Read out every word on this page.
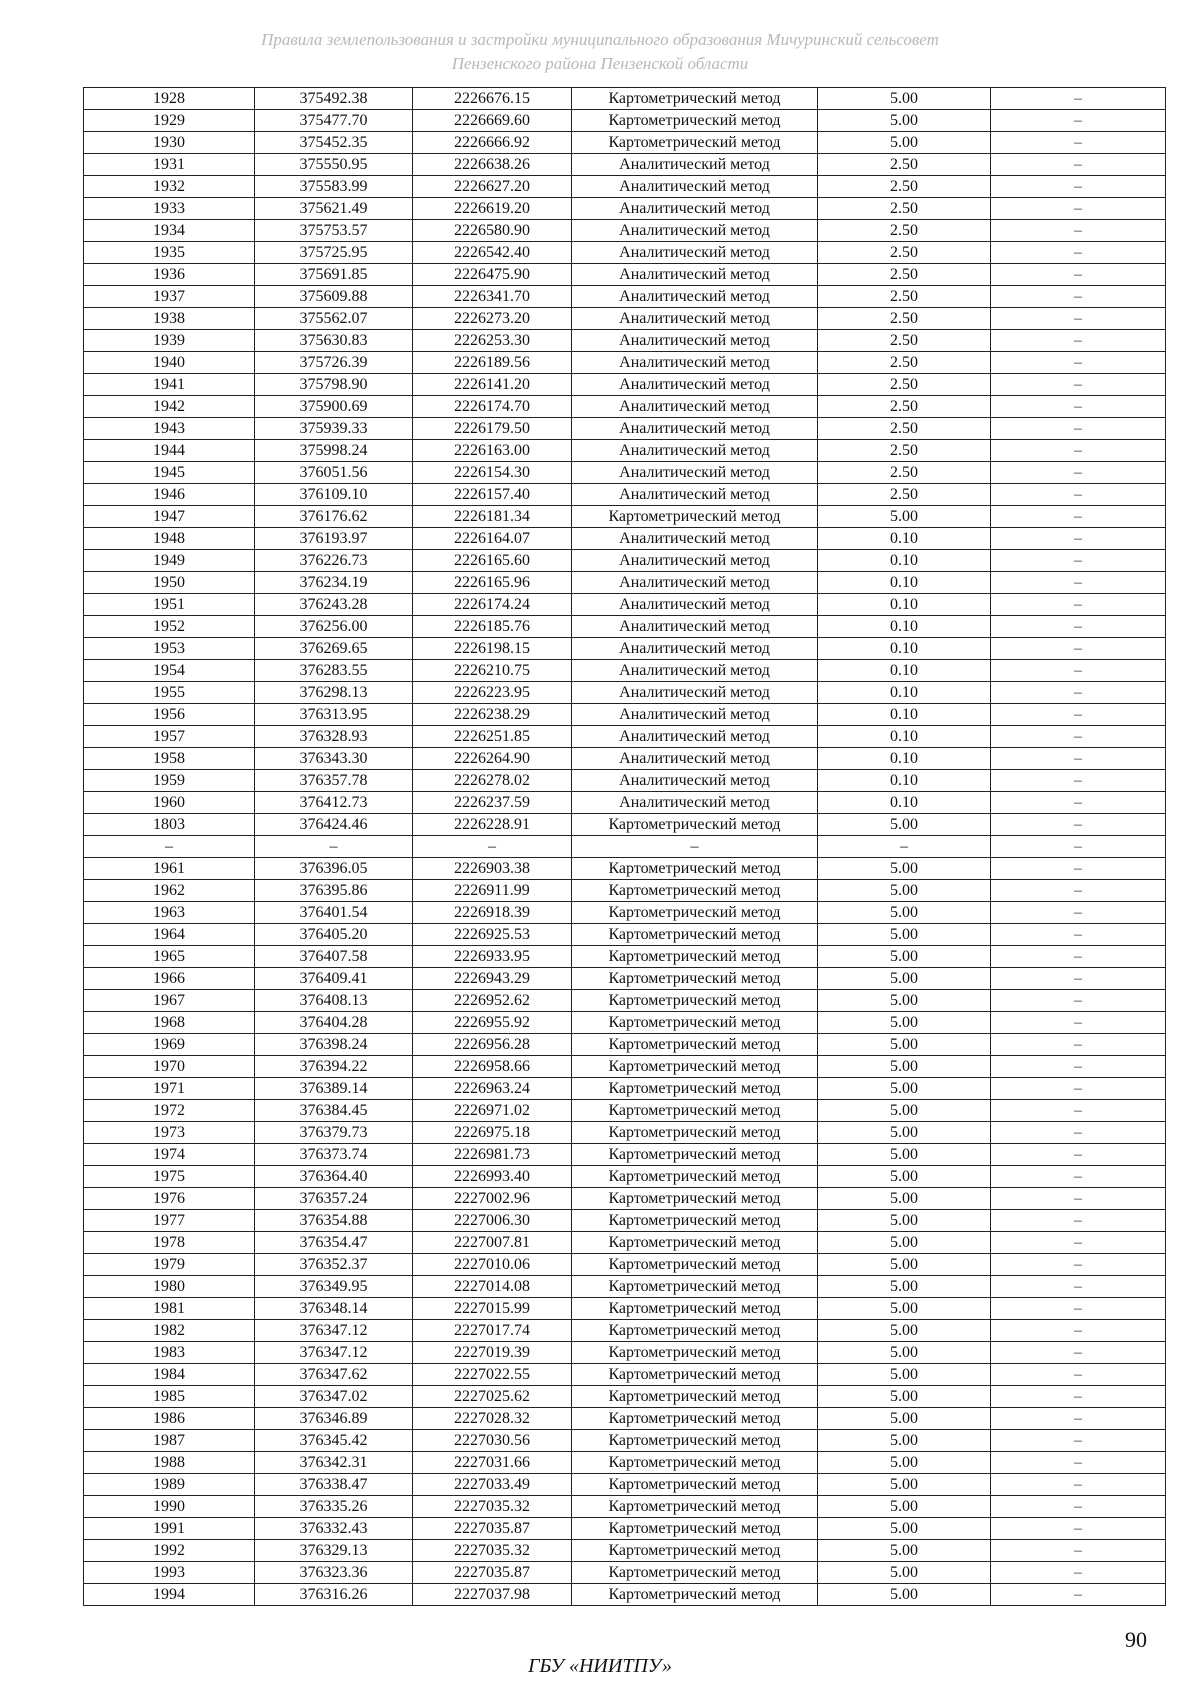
Правила землепользования и застройки муниципального образования Мичуринский сельсовет
Пензенского района Пензенской области
1928	375492.38	2226676.15	Картометрический метод	5.00	–
1929	375477.70	2226669.60	Картометрический метод	5.00	–
1930	375452.35	2226666.92	Картометрический метод	5.00	–
1931	375550.95	2226638.26	Аналитический метод	2.50	–
1932	375583.99	2226627.20	Аналитический метод	2.50	–
1933	375621.49	2226619.20	Аналитический метод	2.50	–
1934	375753.57	2226580.90	Аналитический метод	2.50	–
1935	375725.95	2226542.40	Аналитический метод	2.50	–
1936	375691.85	2226475.90	Аналитический метод	2.50	–
1937	375609.88	2226341.70	Аналитический метод	2.50	–
1938	375562.07	2226273.20	Аналитический метод	2.50	–
1939	375630.83	2226253.30	Аналитический метод	2.50	–
1940	375726.39	2226189.56	Аналитический метод	2.50	–
1941	375798.90	2226141.20	Аналитический метод	2.50	–
1942	375900.69	2226174.70	Аналитический метод	2.50	–
1943	375939.33	2226179.50	Аналитический метод	2.50	–
1944	375998.24	2226163.00	Аналитический метод	2.50	–
1945	376051.56	2226154.30	Аналитический метод	2.50	–
1946	376109.10	2226157.40	Аналитический метод	2.50	–
1947	376176.62	2226181.34	Картометрический метод	5.00	–
1948	376193.97	2226164.07	Аналитический метод	0.10	–
1949	376226.73	2226165.60	Аналитический метод	0.10	–
1950	376234.19	2226165.96	Аналитический метод	0.10	–
1951	376243.28	2226174.24	Аналитический метод	0.10	–
1952	376256.00	2226185.76	Аналитический метод	0.10	–
1953	376269.65	2226198.15	Аналитический метод	0.10	–
1954	376283.55	2226210.75	Аналитический метод	0.10	–
1955	376298.13	2226223.95	Аналитический метод	0.10	–
1956	376313.95	2226238.29	Аналитический метод	0.10	–
1957	376328.93	2226251.85	Аналитический метод	0.10	–
1958	376343.30	2226264.90	Аналитический метод	0.10	–
1959	376357.78	2226278.02	Аналитический метод	0.10	–
1960	376412.73	2226237.59	Аналитический метод	0.10	–
1803	376424.46	2226228.91	Картометрический метод	5.00	–
–	–	–	–	–	–
1961	376396.05	2226903.38	Картометрический метод	5.00	–
1962	376395.86	2226911.99	Картометрический метод	5.00	–
1963	376401.54	2226918.39	Картометрический метод	5.00	–
1964	376405.20	2226925.53	Картометрический метод	5.00	–
1965	376407.58	2226933.95	Картометрический метод	5.00	–
1966	376409.41	2226943.29	Картометрический метод	5.00	–
1967	376408.13	2226952.62	Картометрический метод	5.00	–
1968	376404.28	2226955.92	Картометрический метод	5.00	–
1969	376398.24	2226956.28	Картометрический метод	5.00	–
1970	376394.22	2226958.66	Картометрический метод	5.00	–
1971	376389.14	2226963.24	Картометрический метод	5.00	–
1972	376384.45	2226971.02	Картометрический метод	5.00	–
1973	376379.73	2226975.18	Картометрический метод	5.00	–
1974	376373.74	2226981.73	Картометрический метод	5.00	–
1975	376364.40	2226993.40	Картометрический метод	5.00	–
1976	376357.24	2227002.96	Картометрический метод	5.00	–
1977	376354.88	2227006.30	Картометрический метод	5.00	–
1978	376354.47	2227007.81	Картометрический метод	5.00	–
1979	376352.37	2227010.06	Картометрический метод	5.00	–
1980	376349.95	2227014.08	Картометрический метод	5.00	–
1981	376348.14	2227015.99	Картометрический метод	5.00	–
1982	376347.12	2227017.74	Картометрический метод	5.00	–
1983	376347.12	2227019.39	Картометрический метод	5.00	–
1984	376347.62	2227022.55	Картометрический метод	5.00	–
1985	376347.02	2227025.62	Картометрический метод	5.00	–
1986	376346.89	2227028.32	Картометрический метод	5.00	–
1987	376345.42	2227030.56	Картометрический метод	5.00	–
1988	376342.31	2227031.66	Картометрический метод	5.00	–
1989	376338.47	2227033.49	Картометрический метод	5.00	–
1990	376335.26	2227035.32	Картометрический метод	5.00	–
1991	376332.43	2227035.87	Картометрический метод	5.00	–
1992	376329.13	2227035.32	Картометрический метод	5.00	–
1993	376323.36	2227035.87	Картометрический метод	5.00	–
1994	376316.26	2227037.98	Картометрический метод	5.00	–
90
ГБУ «НИИТПУ»
